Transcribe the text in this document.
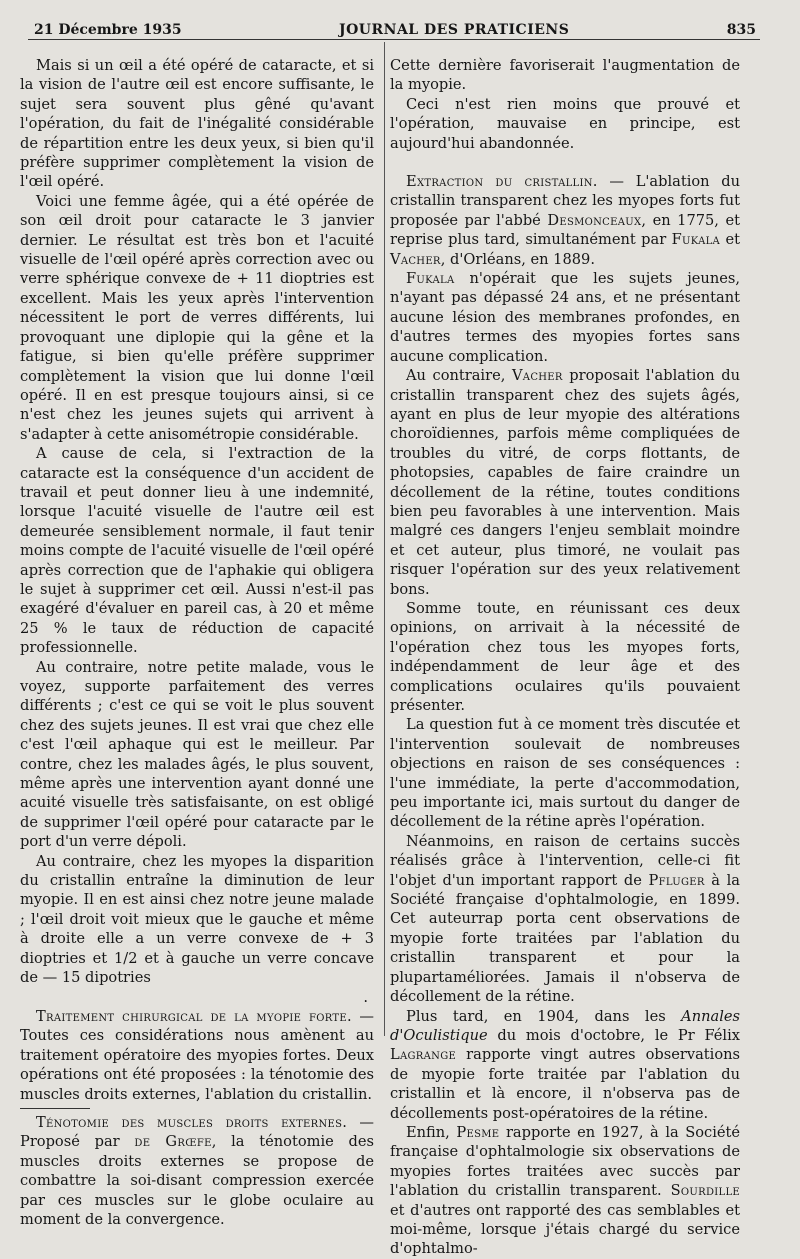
21 Décembre 1935	JOURNAL DES PRATICIENS	835

Mais si un œil a été opéré de cataracte, et si la vision de l'autre œil est encore suffisante, le sujet sera souvent plus gêné qu'avant l'opération, du fait de l'inégalité considérable de répartition entre les deux yeux, si bien qu'il préfère supprimer complètement la vision de l'œil opéré.

Voici une femme âgée, qui a été opérée de son œil droit pour cataracte le 3 janvier dernier. Le résultat est très bon et l'acuité visuelle de l'œil opéré après correction avec ou verre sphérique convexe de + 11 dioptries est excellent. Mais les yeux après l'intervention nécessitent le port de verres différents, lui provoquant une diplopie qui la gêne et la fatigue, si bien qu'elle préfère supprimer complètement la vision que lui donne l'œil opéré. Il en est presque toujours ainsi, si ce n'est chez les jeunes sujets qui arrivent à s'adapter à cette anisométropie considérable.

A cause de cela, si l'extraction de la cataracte est la conséquence d'un accident de travail et peut donner lieu à une indemnité, lorsque l'acuité visuelle de l'autre œil est demeurée sensiblement normale, il faut tenir moins compte de l'acuité visuelle de l'œil opéré après correction que de l'aphakie qui obligera le sujet à supprimer cet œil. Aussi n'est-il pas exagéré d'évaluer en pareil cas, à 20 et même 25 % le taux de réduction de capacité professionnelle.

Au contraire, notre petite malade, vous le voyez, supporte parfaitement des verres différents ; c'est ce qui se voit le plus souvent chez des sujets jeunes. Il est vrai que chez elle c'est l'œil aphaque qui est le meilleur. Par contre, chez les malades âgés, le plus souvent, même après une intervention ayant donné une acuité visuelle très satisfaisante, on est obligé de supprimer l'œil opéré pour cataracte par le port d'un verre dépoli.

Au contraire, chez les myopes la disparition du cristallin entraîne la diminution de leur myopie. Il en est ainsi chez notre jeune malade ; l'œil droit voit mieux que le gauche et même à droite elle a un verre convexe de + 3 dioptries et 1/2 et à gauche un verre concave de — 15 dipotries

.

Traitement chirurgical de la myopie forte. — Toutes ces considérations nous amènent au traitement opératoire des myopies fortes. Deux opérations ont été proposées : la ténotomie des muscles droits externes, l'ablation du cristallin.

Ténotomie des muscles droits externes. — Proposé par de Grœfe, la ténotomie des muscles droits externes se propose de combattre la soi-disant compression exercée par ces muscles sur le globe oculaire au moment de la convergence.

Cette dernière favoriserait l'augmentation de la myopie.

Ceci n'est rien moins que prouvé et l'opération, mauvaise en principe, est aujourd'hui abandonnée.

Extraction du cristallin. — L'ablation du cristallin transparent chez les myopes forts fut proposée par l'abbé Desmonceaux, en 1775, et reprise plus tard, simultanément par Fukala et Vacher, d'Orléans, en 1889.

Fukala n'opérait que les sujets jeunes, n'ayant pas dépassé 24 ans, et ne présentant aucune lésion des membranes profondes, en d'autres termes des myopies fortes sans aucune complication.

Au contraire, Vacher proposait l'ablation du cristallin transparent chez des sujets âgés, ayant en plus de leur myopie des altérations choroïdiennes, parfois même compliquées de troubles du vitré, de corps flottants, de photopsies, capables de faire craindre un décollement de la rétine, toutes conditions bien peu favorables à une intervention. Mais malgré ces dangers l'enjeu semblait moindre et cet auteur, plus timoré, ne voulait pas risquer l'opération sur des yeux relativement bons.

Somme toute, en réunissant ces deux opinions, on arrivait à la nécessité de l'opération chez tous les myopes forts, indépendamment de leur âge et des complications oculaires qu'ils pouvaient présenter.

La question fut à ce moment très discutée et l'intervention soulevait de nombreuses objections en raison de ses conséquences : l'une immédiate, la perte d'accommodation, peu importante ici, mais surtout du danger de décollement de la rétine après l'opération.

Néanmoins, en raison de certains succès réalisés grâce à l'intervention, celle-ci fit l'objet d'un important rapport de Pfluger à la Société française d'ophtalmologie, en 1899. Cet auteurrap porta cent observations de myopie forte traitées par l'ablation du cristallin transparent et pour la plupartaméliorées. Jamais il n'observa de décollement de la rétine.

Plus tard, en 1904, dans les Annales d'Oculistique du mois d'octobre, le Pr Félix Lagrange rapporte vingt autres observations de myopie forte traitée par l'ablation du cristallin et là encore, il n'observa pas de décollements post-opératoires de la rétine.

Enfin, Pesme rapporte en 1927, à la Société française d'ophtalmologie six observations de myopies fortes traitées avec succès par l'ablation du cristallin transparent. Sourdille et d'autres ont rapporté des cas semblables et moi-même, lorsque j'étais chargé du service d'ophtalmo-
